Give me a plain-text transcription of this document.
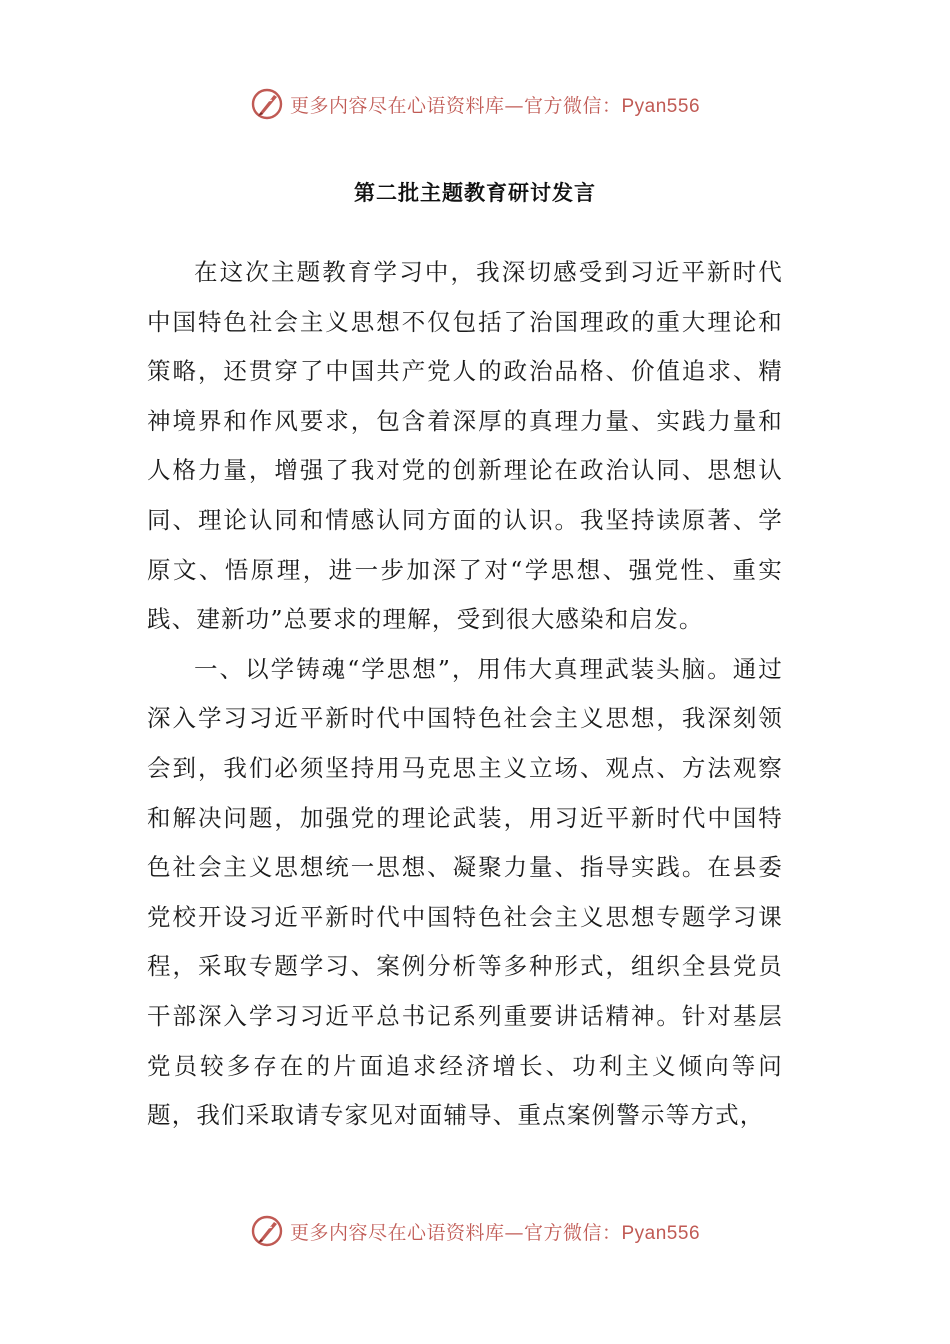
更多内容尽在心语资料库—官方微信：Pyan556
第二批主题教育研讨发言

在这次主题教育学习中，我深切感受到习近平新时代中国特色社会主义思想不仅包括了治国理政的重大理论和策略，还贯穿了中国共产党人的政治品格、价值追求、精神境界和作风要求，包含着深厚的真理力量、实践力量和人格力量，增强了我对党的创新理论在政治认同、思想认同、理论认同和情感认同方面的认识。我坚持读原著、学原文、悟原理，进一步加深了对“学思想、强党性、重实践、建新功”总要求的理解，受到很大感染和启发。

一、以学铸魂“学思想”，用伟大真理武装头脑。通过深入学习习近平新时代中国特色社会主义思想，我深刻领会到，我们必须坚持用马克思主义立场、观点、方法观察和解决问题，加强党的理论武装，用习近平新时代中国特色社会主义思想统一思想、凝聚力量、指导实践。在县委党校开设习近平新时代中国特色社会主义思想专题学习课程，采取专题学习、案例分析等多种形式，组织全县党员干部深入学习习近平总书记系列重要讲话精神。针对基层党员较多存在的片面追求经济增长、功利主义倾向等问题，我们采取请专家见对面辅导、重点案例警示等方式，

更多内容尽在心语资料库—官方微信：Pyan556
